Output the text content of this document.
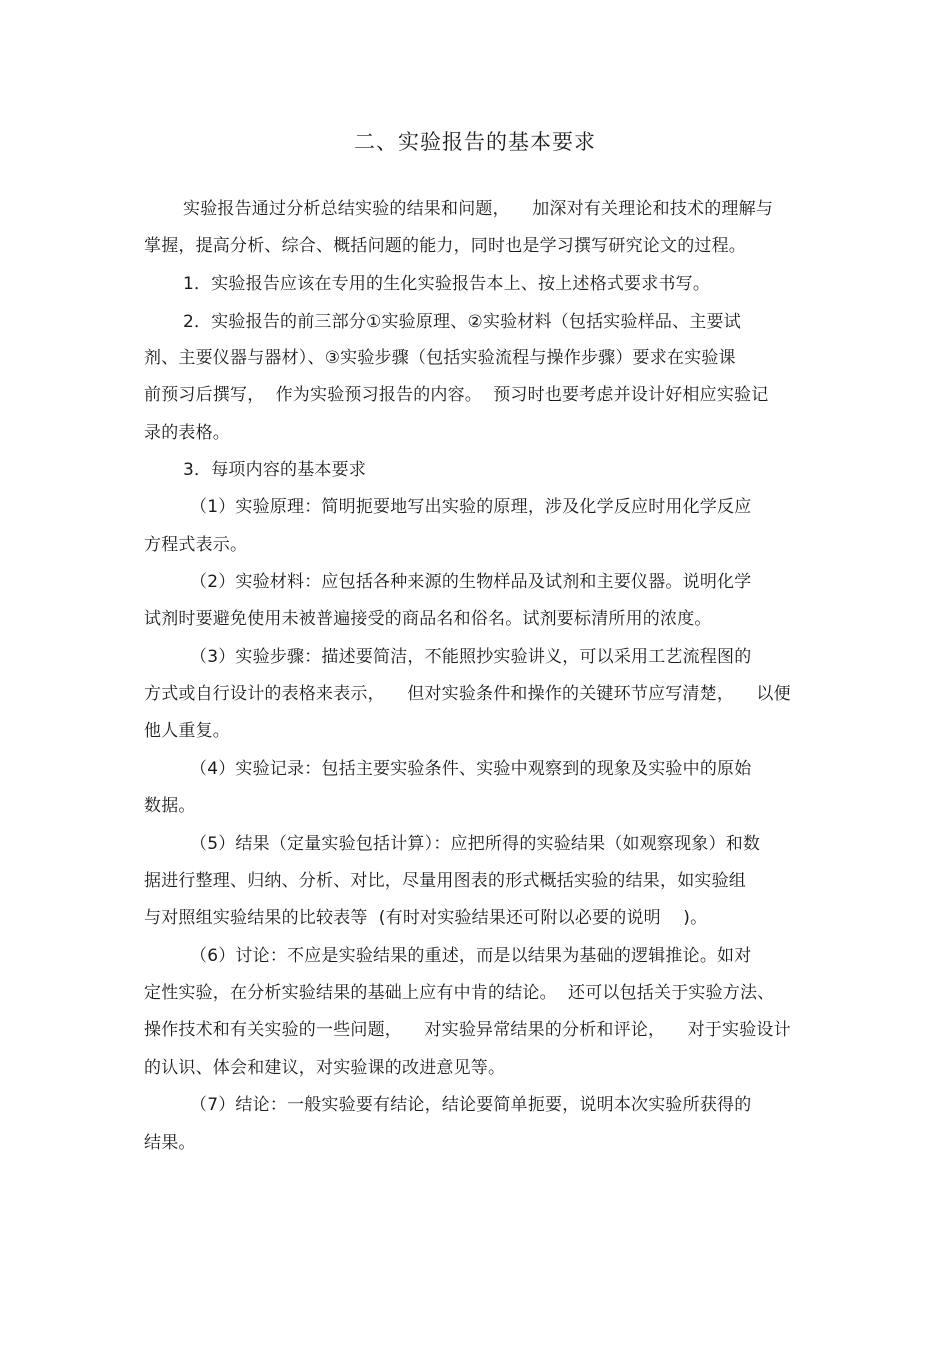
二、实验报告的基本要求
实验报告通过分析总结实验的结果和问题，    加深对有关理论和技术的理解与
掌握，提高分析、综合、概括问题的能力，同时也是学习撰写研究论文的过程。
1．实验报告应该在专用的生化实验报告本上、按上述格式要求书写。
2．实验报告的前三部分①实验原理、②实验材料（包括实验样品、主要试
剂、主要仪器与器材）、③实验步骤（包括实验流程与操作步骤）要求在实验课
前预习后撰写，  作为实验预习报告的内容。  预习时也要考虑并设计好相应实验记
录的表格。
3．每项内容的基本要求
（1）实验原理：简明扼要地写出实验的原理，涉及化学反应时用化学反应
方程式表示。
（2）实验材料：应包括各种来源的生物样品及试剂和主要仪器。说明化学
试剂时要避免使用未被普遍接受的商品名和俗名。试剂要标清所用的浓度。
（3）实验步骤：描述要简洁，不能照抄实验讲义，可以采用工艺流程图的
方式或自行设计的表格来表示，    但对实验条件和操作的关键环节应写清楚，    以便
他人重复。
（4）实验记录：包括主要实验条件、实验中观察到的现象及实验中的原始
数据。
（5）结果（定量实验包括计算）：应把所得的实验结果（如观察现象）和数
据进行整理、归纳、分析、对比，尽量用图表的形式概括实验的结果，如实验组
与对照组实验结果的比较表等  (有时对实验结果还可附以必要的说明    )。
（6）讨论：不应是实验结果的重述，而是以结果为基础的逻辑推论。如对
定性实验，在分析实验结果的基础上应有中肯的结论。  还可以包括关于实验方法、
操作技术和有关实验的一些问题，    对实验异常结果的分析和评论，    对于实验设计
的认识、体会和建议，对实验课的改进意见等。
（7）结论：一般实验要有结论，结论要简单扼要，说明本次实验所获得的
结果。
